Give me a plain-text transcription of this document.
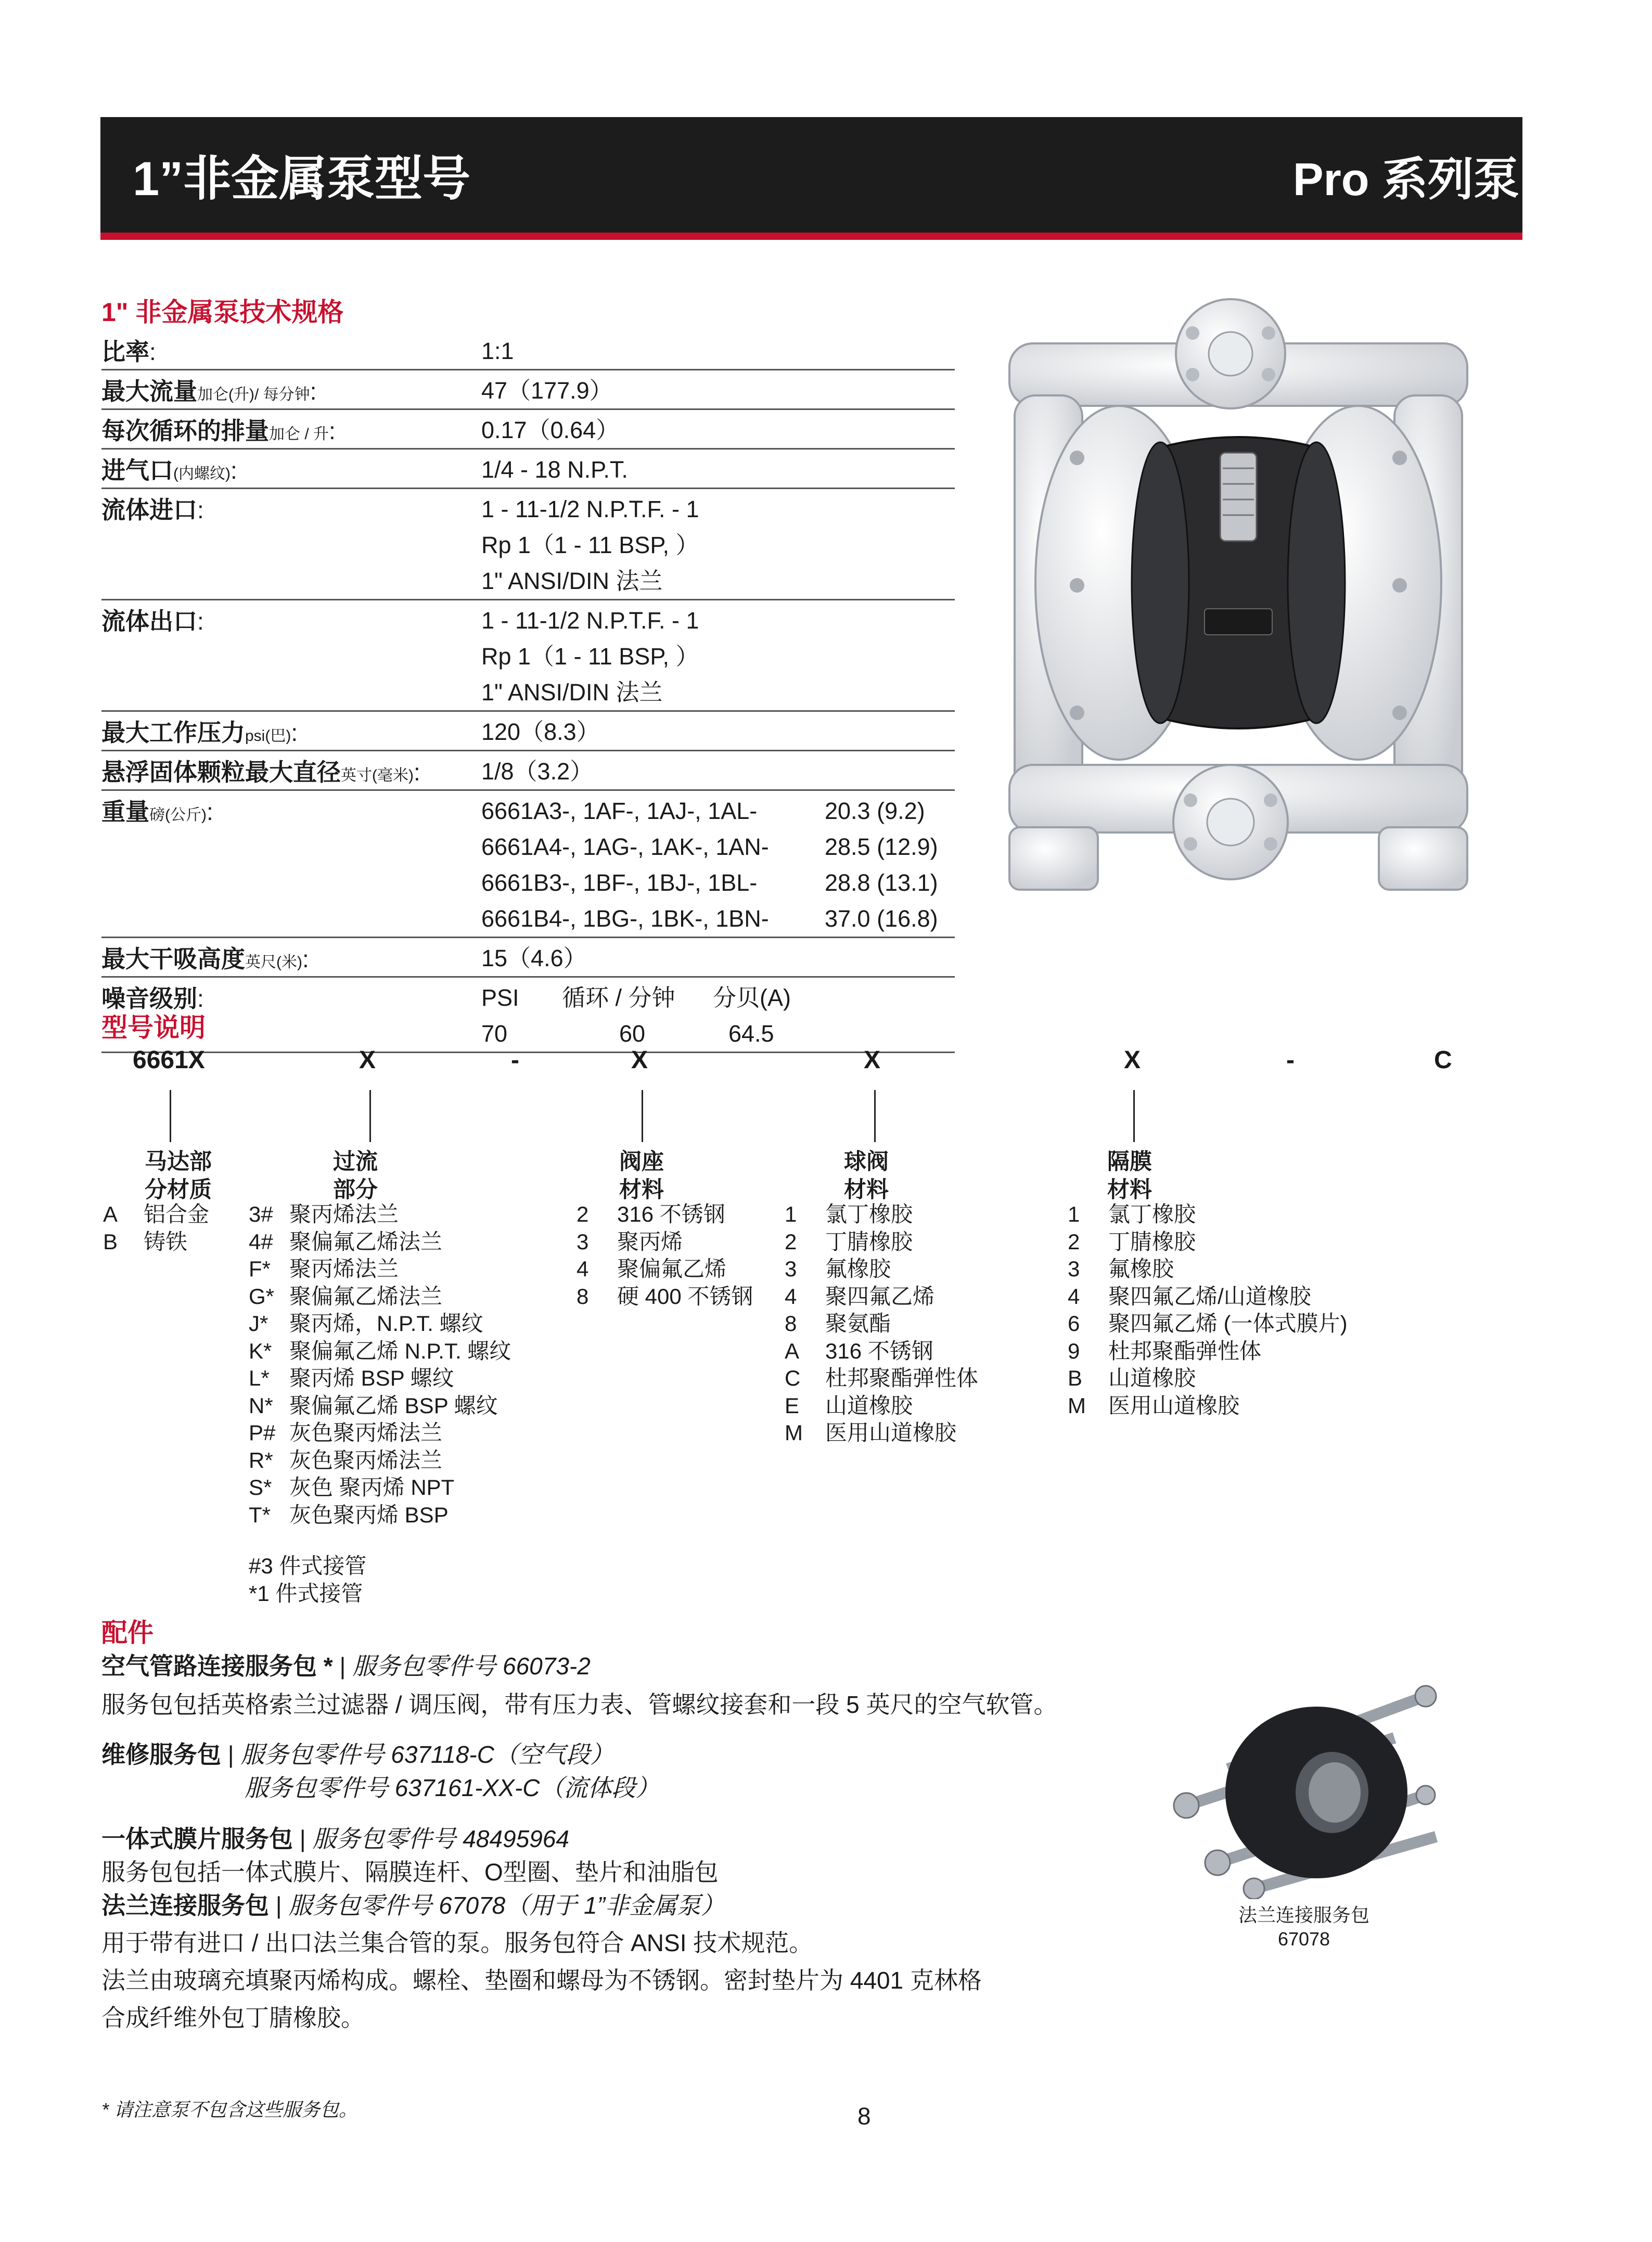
1”非金属泵型号	Pro 系列泵
1" 非金属泵技术规格
比率:	1:1
最大流量加仑(升)/ 每分钟:	47（177.9）
每次循环的排量加仑 / 升:	0.17（0.64）
进气口(内螺纹):	1/4 - 18 N.P.T.
流体进口:	1 - 11-1/2 N.P.T.F. - 1
Rp 1（1 - 11 BSP, ）
1" ANSI/DIN 法兰
流体出口:	1 - 11-1/2 N.P.T.F. - 1
Rp 1（1 - 11 BSP, ）
1" ANSI/DIN 法兰
最大工作压力psi(巴):	120（8.3）
悬浮固体颗粒最大直径英寸(毫米):	1/8（3.2）
重量磅(公斤):	6661A3-, 1AF-, 1AJ-, 1AL-	20.3 (9.2)
6661A4-, 1AG-, 1AK-, 1AN-	28.5 (12.9)
6661B3-, 1BF-, 1BJ-, 1BL-	28.8 (13.1)
6661B4-, 1BG-, 1BK-, 1BN-	37.0 (16.8)
最大干吸高度英尺(米):	15（4.6）
噪音级别:	PSI	循环 / 分钟	分贝(A)
70	60	64.5
型号说明
6661X	X	-	X	X	X	-	C
马达部
分材质
A 铝合金
B 铸铁
过流
部分
3# 聚丙烯法兰
4# 聚偏氟乙烯法兰
F* 聚丙烯法兰
G* 聚偏氟乙烯法兰
J* 聚丙烯，N.P.T. 螺纹
K* 聚偏氟乙烯 N.P.T. 螺纹
L* 聚丙烯 BSP 螺纹
N* 聚偏氟乙烯 BSP 螺纹
P# 灰色聚丙烯法兰
R* 灰色聚丙烯法兰
S* 灰色 聚丙烯 NPT
T* 灰色聚丙烯 BSP
#3 件式接管
*1 件式接管
阀座
材料
2 316 不锈钢
3 聚丙烯
4 聚偏氟乙烯
8 硬 400 不锈钢
球阀
材料
1 氯丁橡胶
2 丁腈橡胶
3 氟橡胶
4 聚四氟乙烯
8 聚氨酯
A 316 不锈钢
C 杜邦聚酯弹性体
E 山道橡胶
M 医用山道橡胶
隔膜
材料
1 氯丁橡胶
2 丁腈橡胶
3 氟橡胶
4 聚四氟乙烯/山道橡胶
6 聚四氟乙烯 (一体式膜片)
9 杜邦聚酯弹性体
B 山道橡胶
M 医用山道橡胶
配件
空气管路连接服务包 * | 服务包零件号 66073-2
服务包包括英格索兰过滤器 / 调压阀，带有压力表、管螺纹接套和一段 5 英尺的空气软管。
维修服务包 | 服务包零件号 637118-C（空气段）
服务包零件号 637161-XX-C（流体段）
一体式膜片服务包 | 服务包零件号 48495964
服务包包括一体式膜片、隔膜连杆、O型圈、垫片和油脂包
法兰连接服务包 | 服务包零件号 67078（用于 1”非金属泵）
用于带有进口 / 出口法兰集合管的泵。服务包符合 ANSI 技术规范。
法兰由玻璃充填聚丙烯构成。螺栓、垫圈和螺母为不锈钢。密封垫片为 4401 克林格
合成纤维外包丁腈橡胶。
法兰连接服务包
67078
* 请注意泵不包含这些服务包。	8
